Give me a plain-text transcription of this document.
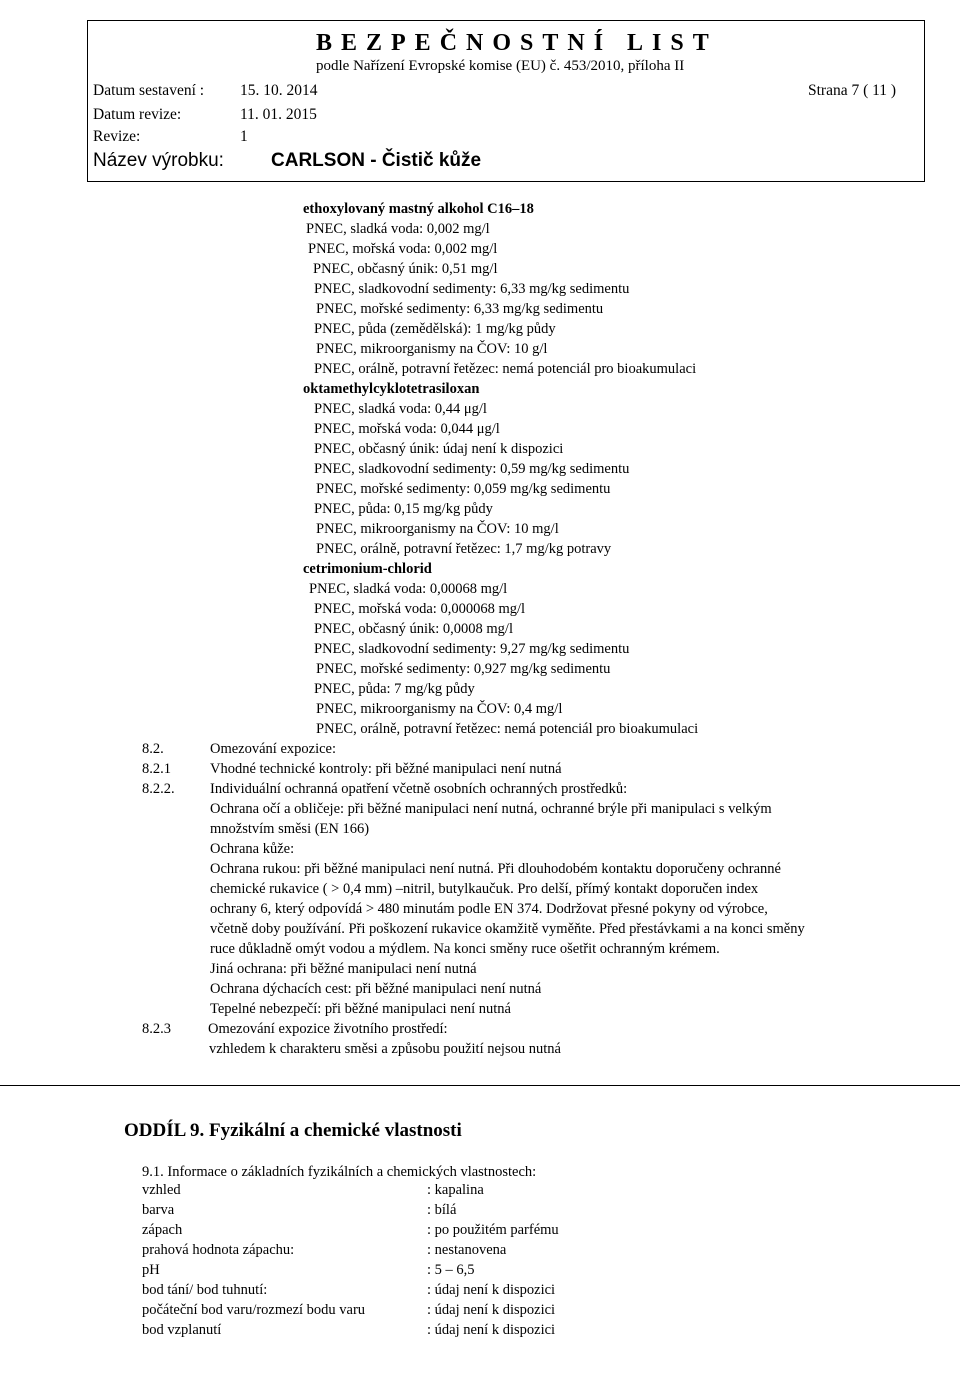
BEZPEČNOSTNÍ LIST
podle Nařízení Evropské komise (EU) č. 453/2010, příloha II
Datum sestavení : 15. 10. 2014
Datum revize:	11. 01. 2015
Revize:	1
Strana 7 ( 11 )
Název výrobku: CARLSON - Čistič kůže
ethoxylovaný mastný alkohol C16–18
PNEC, sladká voda: 0,002 mg/l
PNEC, mořská voda: 0,002 mg/l
PNEC, občasný únik: 0,51 mg/l
PNEC, sladkovodní sedimenty: 6,33 mg/kg sedimentu
PNEC, mořské sedimenty: 6,33 mg/kg sedimentu
PNEC, půda (zemědělská): 1 mg/kg půdy
PNEC, mikroorganismy na ČOV: 10 g/l
PNEC, orálně, potravní řetězec: nemá potenciál pro bioakumulaci
oktamethylcyklotetrasiloxan
PNEC, sladká voda: 0,44 μg/l
PNEC, mořská voda: 0,044 μg/l
PNEC, občasný únik: údaj není k dispozici
PNEC, sladkovodní sedimenty: 0,59 mg/kg sedimentu
PNEC, mořské sedimenty: 0,059 mg/kg sedimentu
PNEC, půda: 0,15 mg/kg půdy
PNEC, mikroorganismy na ČOV: 10 mg/l
PNEC, orálně, potravní řetězec: 1,7 mg/kg potravy
cetrimonium-chlorid
PNEC, sladká voda: 0,00068 mg/l
PNEC, mořská voda: 0,000068 mg/l
PNEC, občasný únik: 0,0008 mg/l
PNEC, sladkovodní sedimenty: 9,27 mg/kg sedimentu
PNEC, mořské sedimenty: 0,927 mg/kg sedimentu
PNEC, půda: 7 mg/kg půdy
PNEC, mikroorganismy na ČOV: 0,4 mg/l
PNEC, orálně, potravní řetězec: nemá potenciál pro bioakumulaci
8.2.	Omezování expozice:
8.2.1	Vhodné technické kontroly: při běžné manipulaci není nutná
8.2.2. Individuální ochranná opatření včetně osobních ochranných prostředků:
Ochrana očí a obličeje: při běžné manipulaci není nutná, ochranné brýle při manipulaci s velkým
množstvím směsi (EN 166)
Ochrana kůže:
Ochrana rukou: při běžné manipulaci není nutná. Při dlouhodobém kontaktu doporučeny ochranné
chemické rukavice ( > 0,4 mm) –nitril, butylkaučuk. Pro delší, přímý kontakt doporučen index
ochrany 6, který odpovídá > 480 minutám podle EN 374. Dodržovat přesné pokyny od výrobce,
včetně doby používání. Při poškození rukavice okamžitě vyměňte. Před přestávkami a na konci směny
ruce důkladně omýt vodou a mýdlem. Na konci směny ruce ošetřit ochranným krémem.
Jiná ochrana: při běžné manipulaci není nutná
Ochrana dýchacích cest: při běžné manipulaci není nutná
Tepelné nebezpečí: při běžné manipulaci není nutná
8.2.3	Omezování expozice životního prostředí:
vzhledem k charakteru směsi a způsobu použití nejsou nutná
ODDÍL 9. Fyzikální a chemické vlastnosti
9.1. Informace o základních fyzikálních a chemických vlastnostech:
vzhled	: kapalina
barva	: bílá
zápach	: po použitém parfému
prahová hodnota zápachu:	: nestanovena
pH	: 5 – 6,5
bod tání/ bod tuhnutí:	: údaj není k dispozici
počáteční bod varu/rozmezí bodu varu	: údaj není k dispozici
bod vzplanutí	: údaj není k dispozici
